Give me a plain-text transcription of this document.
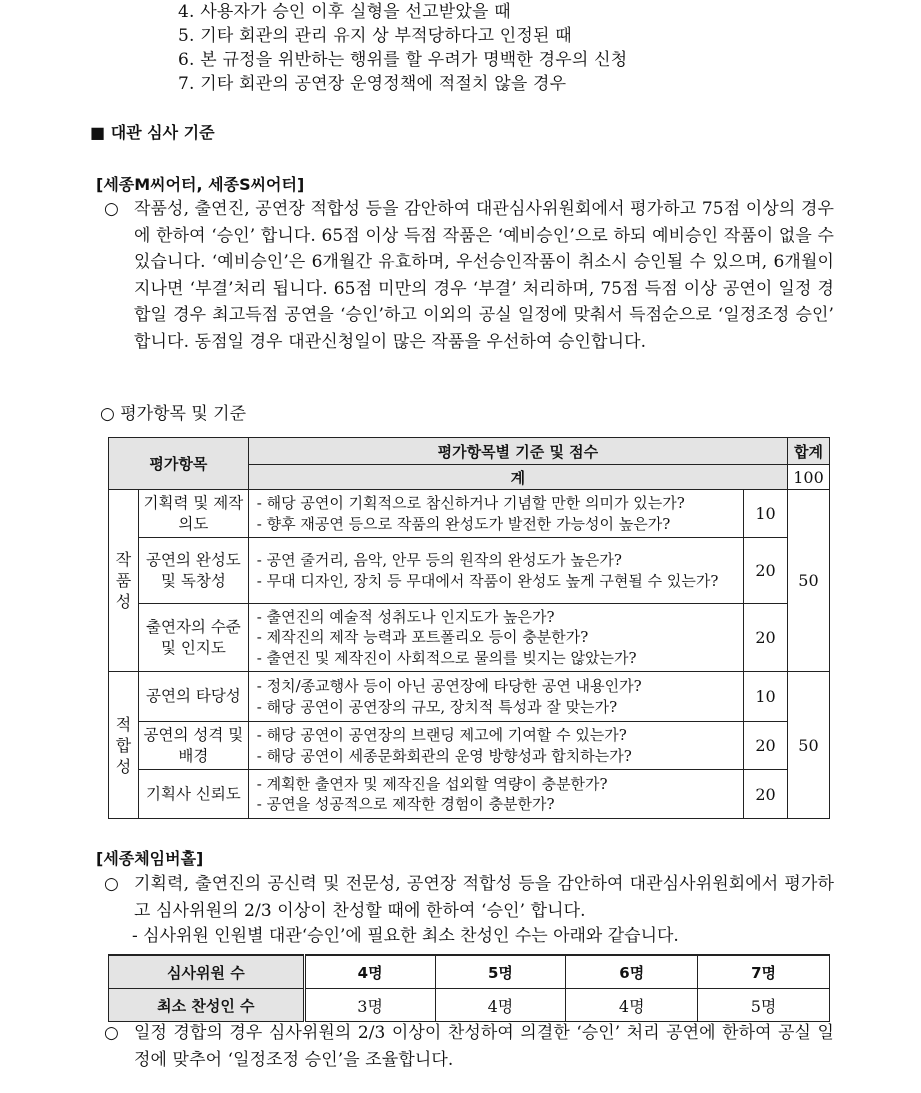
4. 사용자가 승인 이후 실형을 선고받았을 때
5. 기타 회관의 관리 유지 상 부적당하다고 인정된 때
6. 본 규정을 위반하는 행위를 할 우려가 명백한 경우의 신청
7. 기타 회관의 공연장 운영정책에 적절치 않을 경우
■ 대관 심사 기준
[세종M씨어터, 세종S씨어터]
○ 작품성, 출연진, 공연장 적합성 등을 감안하여 대관심사위원회에서 평가하고 75점 이상의 경우에 한하여 ‘승인’ 합니다. 65점 이상 득점 작품은 ‘예비승인’으로 하되 예비승인 작품이 없을 수 있습니다. ‘예비승인’은 6개월간 유효하며, 우선승인작품이 취소시 승인될 수 있으며, 6개월이 지나면 ‘부결’처리 됩니다. 65점 미만의 경우 ‘부결’ 처리하며, 75점 득점 이상 공연이 일정 경합일 경우 최고득점 공연을 ‘승인’하고 이외의 공실 일정에 맞춰서 득점순으로 ‘일정조정 승인’ 합니다. 동점일 경우 대관신청일이 많은 작품을 우선하여 승인합니다.
○ 평가항목 및 기준
평가항목		평가항목별 기준 및 점수		합계
		계		100
작품성	기획력 및 제작의도	- 해당 공연이 기획적으로 참신하거나 기념할 만한 의미가 있는가?
- 향후 재공연 등으로 작품의 완성도가 발전한 가능성이 높은가?	10	50
	공연의 완성도 및 독창성	- 공연 줄거리, 음악, 안무 등의 원작의 완성도가 높은가?
- 무대 디자인, 장치 등 무대에서 작품이 완성도 높게 구현될 수 있는가?	20	
	출연자의 수준 및 인지도	- 출연진의 예술적 성취도나 인지도가 높은가?
- 제작진의 제작 능력과 포트폴리오 등이 충분한가?
- 출연진 및 제작진이 사회적으로 물의를 빚지는 않았는가?	20	
적합성	공연의 타당성	- 정치/종교행사 등이 아닌 공연장에 타당한 공연 내용인가?
- 해당 공연이 공연장의 규모, 장치적 특성과 잘 맞는가?	10	50
	공연의 성격 및 배경	- 해당 공연이 공연장의 브랜딩 제고에 기여할 수 있는가?
- 해당 공연이 세종문화회관의 운영 방향성과 합치하는가?	20	
	기획사 신뢰도	- 계획한 출연자 및 제작진을 섭외할 역량이 충분한가?
- 공연을 성공적으로 제작한 경험이 충분한가?	20	
[세종체임버홀]
○ 기획력, 출연진의 공신력 및 전문성, 공연장 적합성 등을 감안하여 대관심사위원회에서 평가하고 심사위원의 2/3 이상이 찬성할 때에 한하여 ‘승인’ 합니다.
- 심사위원 인원별 대관‘승인’에 필요한 최소 찬성인 수는 아래와 같습니다.
심사위원 수	4명	5명	6명	7명
최소 찬성인 수	3명	4명	4명	5명
○ 일정 경합의 경우 심사위원의 2/3 이상이 찬성하여 의결한 ‘승인’ 처리 공연에 한하여 공실 일정에 맞추어 ‘일정조정 승인’을 조율합니다.
